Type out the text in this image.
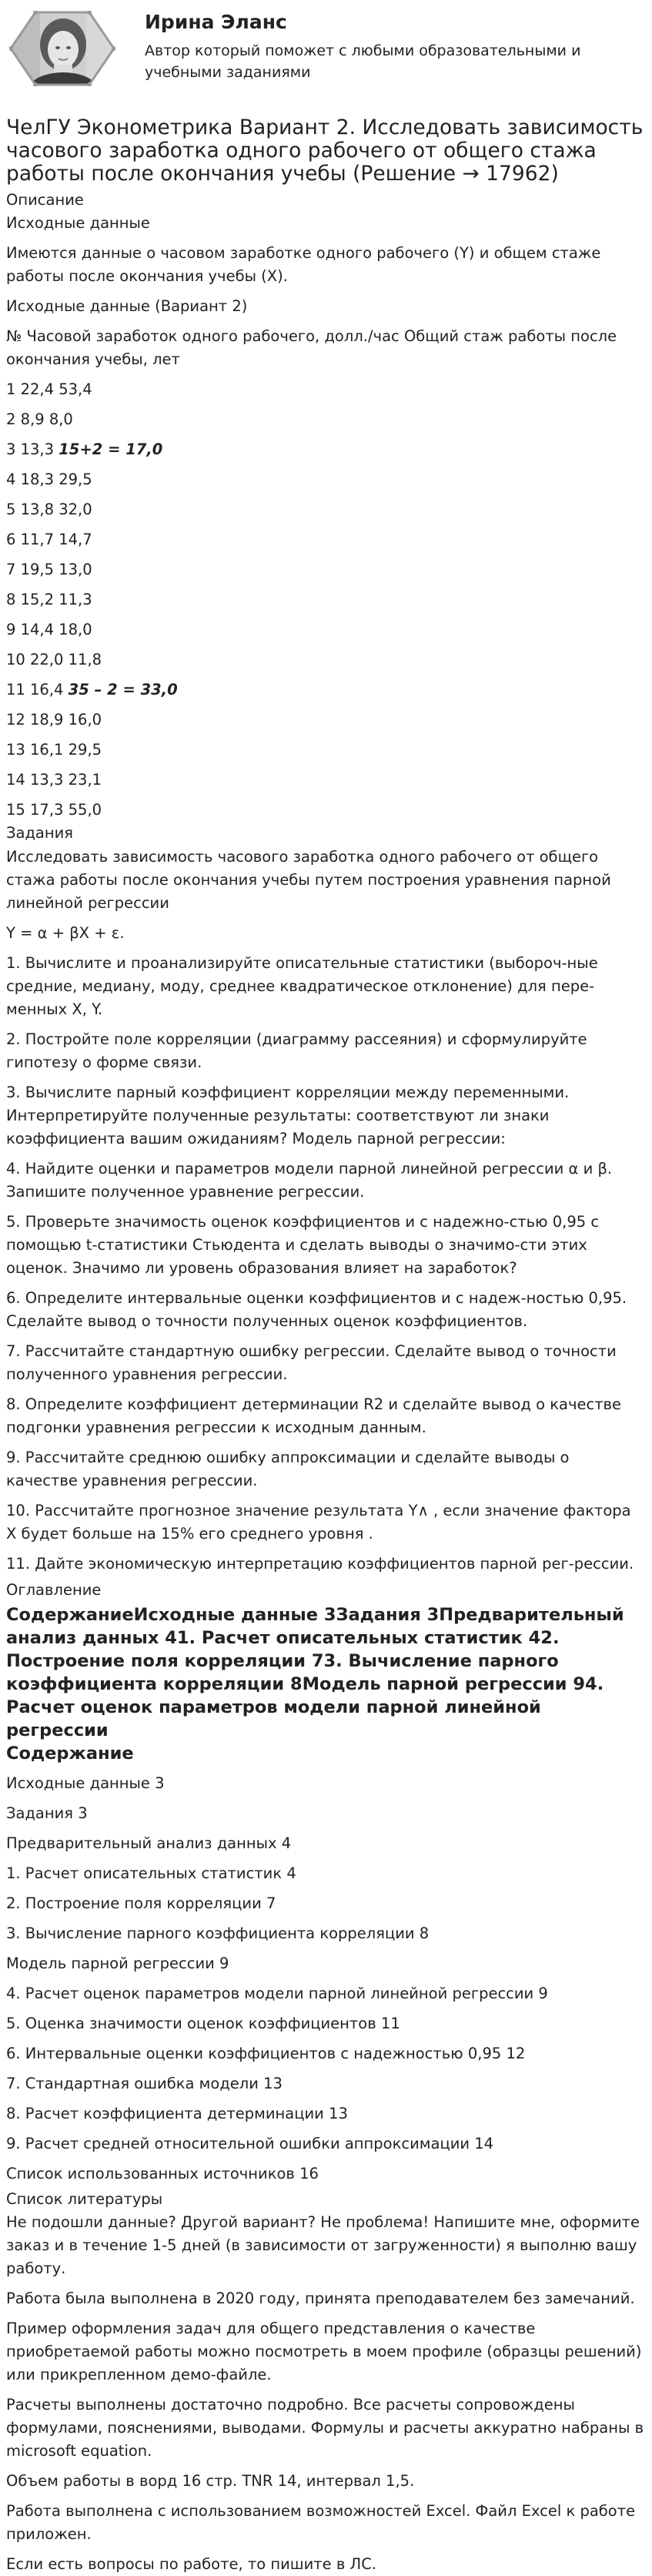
Ирина Эланс
Автор который поможет с любыми образовательными и учебными заданиями
ЧелГУ Эконометрика Вариант 2. Исследовать зависимость часового заработка одного рабочего от общего стажа работы после окончания учебы (Решение → 17962)
Описание
Исходные данные

Имеются данные о часовом заработке одного рабочего (Y) и общем стаже работы после окончания учебы (X).

Исходные данные (Вариант 2)

№ Часовой заработок одного рабочего, долл./час Общий стаж работы после окончания учебы, лет

1 22,4 53,4

2 8,9 8,0

3 13,3 15+2 = 17,0

4 18,3 29,5

5 13,8 32,0

6 11,7 14,7

7 19,5 13,0

8 15,2 11,3

9 14,4 18,0

10 22,0 11,8

11 16,4 35 – 2 = 33,0

12 18,9 16,0

13 16,1 29,5

14 13,3 23,1

15 17,3 55,0

Задания

Исследовать зависимость часового заработка одного рабочего от общего стажа работы после окончания учебы путем построения уравнения парной линейной регрессии

Y = α + βX + ε.

1. Вычислите и проанализируйте описательные статистики (выбороч-ные средние, медиану, моду, среднее квадратическое отклонение) для пере-менных X, Y.

2. Постройте поле корреляции (диаграмму рассеяния) и сформулируйте гипотезу о форме связи.

3. Вычислите парный коэффициент корреляции между переменными. Интерпретируйте полученные результаты: соответствуют ли знаки коэффициента вашим ожиданиям? Модель парной регрессии:

4. Найдите оценки и параметров модели парной линейной регрессии α и β. Запишите полученное уравнение регрессии.

5. Проверьте значимость оценок коэффициентов и с надежно-стью 0,95 с помощью t-статистики Стьюдента и сделать выводы о значимо-сти этих оценок. Значимо ли уровень образования влияет на заработок?

6. Определите интервальные оценки коэффициентов и с надеж-ностью 0,95. Сделайте вывод о точности полученных оценок коэффициентов.

7. Рассчитайте стандартную ошибку регрессии. Сделайте вывод о точности полученного уравнения регрессии.

8. Определите коэффициент детерминации R2 и сделайте вывод о качестве подгонки уравнения регрессии к исходным данным.

9. Рассчитайте среднюю ошибку аппроксимации и сделайте выводы о качестве уравнения регрессии.

10. Рассчитайте прогнозное значение результата Y∧ , если значение фактора X будет больше на 15% его среднего уровня .

11. Дайте экономическую интерпретацию коэффициентов парной рег-рессии.

Оглавление

СодержаниеИсходные данные 3Задания 3Предварительный анализ данных 41. Расчет описательных статистик 42. Построение поля корреляции 73. Вычисление парного коэффициента корреляции 8Модель парной регрессии 94. Расчет оценок параметров модели парной линейной регрессии

Содержание

Исходные данные 3

Задания 3

Предварительный анализ данных 4

1. Расчет описательных статистик 4

2. Построение поля корреляции 7

3. Вычисление парного коэффициента корреляции 8

Модель парной регрессии 9

4. Расчет оценок параметров модели парной линейной регрессии 9

5. Оценка значимости оценок коэффициентов 11

6. Интервальные оценки коэффициентов с надежностью 0,95 12

7. Стандартная ошибка модели 13

8. Расчет коэффициента детерминации 13

9. Расчет средней относительной ошибки аппроксимации 14

Список использованных источников 16

Список литературы

Не подошли данные? Другой вариант? Не проблема! Напишите мне, оформите заказ и в течение 1-5 дней (в зависимости от загруженности) я выполню вашу работу.

Работа была выполнена в 2020 году, принята преподавателем без замечаний.

Пример оформления задач для общего представления о качестве приобретаемой работы можно посмотреть в моем профиле (образцы решений) или прикрепленном демо-файле.

Расчеты выполнены достаточно подробно. Все расчеты сопровождены формулами, пояснениями, выводами. Формулы и расчеты аккуратно набраны в microsoft equation.

Объем работы в ворд 16 стр. TNR 14, интервал 1,5.

Работа выполнена с использованием возможностей Excel. Файл Excel к работе приложен.

Если есть вопросы по работе, то пишите в ЛС.
